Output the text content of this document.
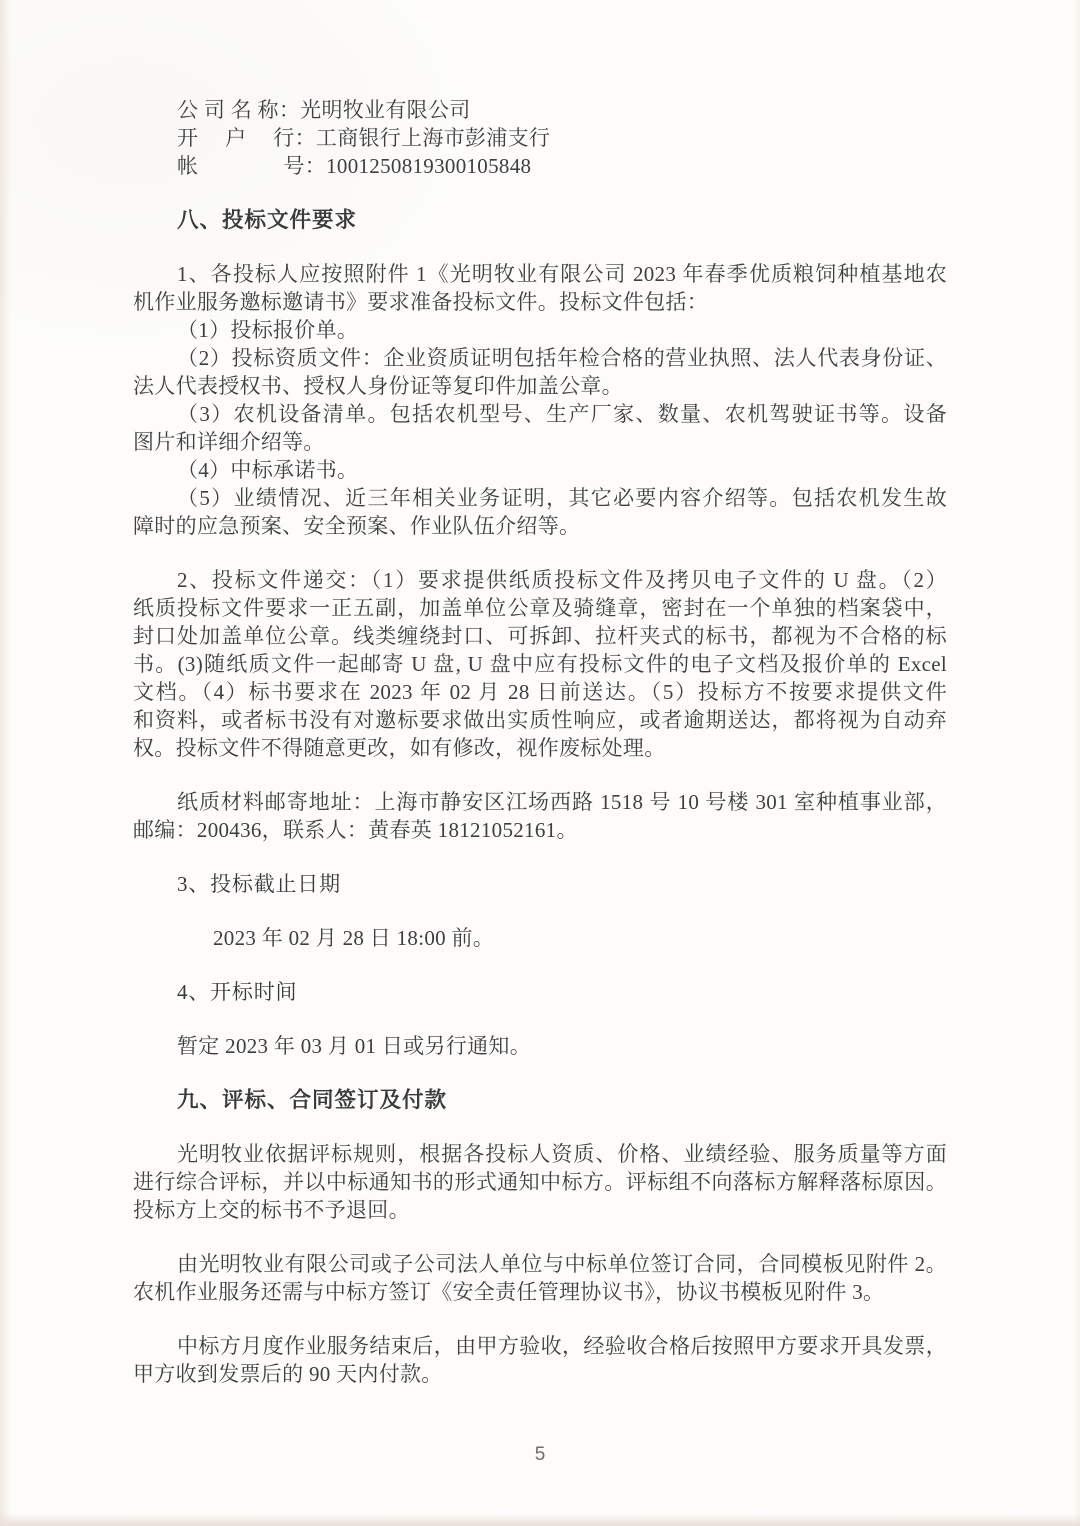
公 司 名 称：光明牧业有限公司
开　 户　 行：工商银行上海市彭浦支行
帐　　　　号：1001250819300105848
八、投标文件要求
1、各投标人应按照附件 1《光明牧业有限公司 2023 年春季优质粮饲种植基地农
机作业服务邀标邀请书》要求准备投标文件。投标文件包括：
（1）投标报价单。
（2）投标资质文件：企业资质证明包括年检合格的营业执照、法人代表身份证、
法人代表授权书、授权人身份证等复印件加盖公章。
（3）农机设备清单。包括农机型号、生产厂家、数量、农机驾驶证书等。设备
图片和详细介绍等。
（4）中标承诺书。
（5）业绩情况、近三年相关业务证明，其它必要内容介绍等。包括农机发生故
障时的应急预案、安全预案、作业队伍介绍等。
2、投标文件递交：（1）要求提供纸质投标文件及拷贝电子文件的 U 盘。（2）
纸质投标文件要求一正五副，加盖单位公章及骑缝章，密封在一个单独的档案袋中，
封口处加盖单位公章。线类缠绕封口、可拆卸、拉杆夹式的标书，都视为不合格的标
书。(3)随纸质文件一起邮寄 U 盘, U 盘中应有投标文件的电子文档及报价单的 Excel
文档。（4）标书要求在 2023 年 02 月 28 日前送达。（5）投标方不按要求提供文件
和资料，或者标书没有对邀标要求做出实质性响应，或者逾期送达，都将视为自动弃
权。投标文件不得随意更改，如有修改，视作废标处理。
纸质材料邮寄地址：上海市静安区江场西路 1518 号 10 号楼 301 室种植事业部，
邮编：200436，联系人：黄春英 18121052161。
3、投标截止日期
2023 年 02 月 28 日 18:00 前。
4、开标时间
暂定 2023 年 03 月 01 日或另行通知。
九、评标、合同签订及付款
光明牧业依据评标规则，根据各投标人资质、价格、业绩经验、服务质量等方面
进行综合评标，并以中标通知书的形式通知中标方。评标组不向落标方解释落标原因。
投标方上交的标书不予退回。
由光明牧业有限公司或子公司法人单位与中标单位签订合同，合同模板见附件 2。
农机作业服务还需与中标方签订《安全责任管理协议书》，协议书模板见附件 3。
中标方月度作业服务结束后，由甲方验收，经验收合格后按照甲方要求开具发票，
甲方收到发票后的 90 天内付款。
5
